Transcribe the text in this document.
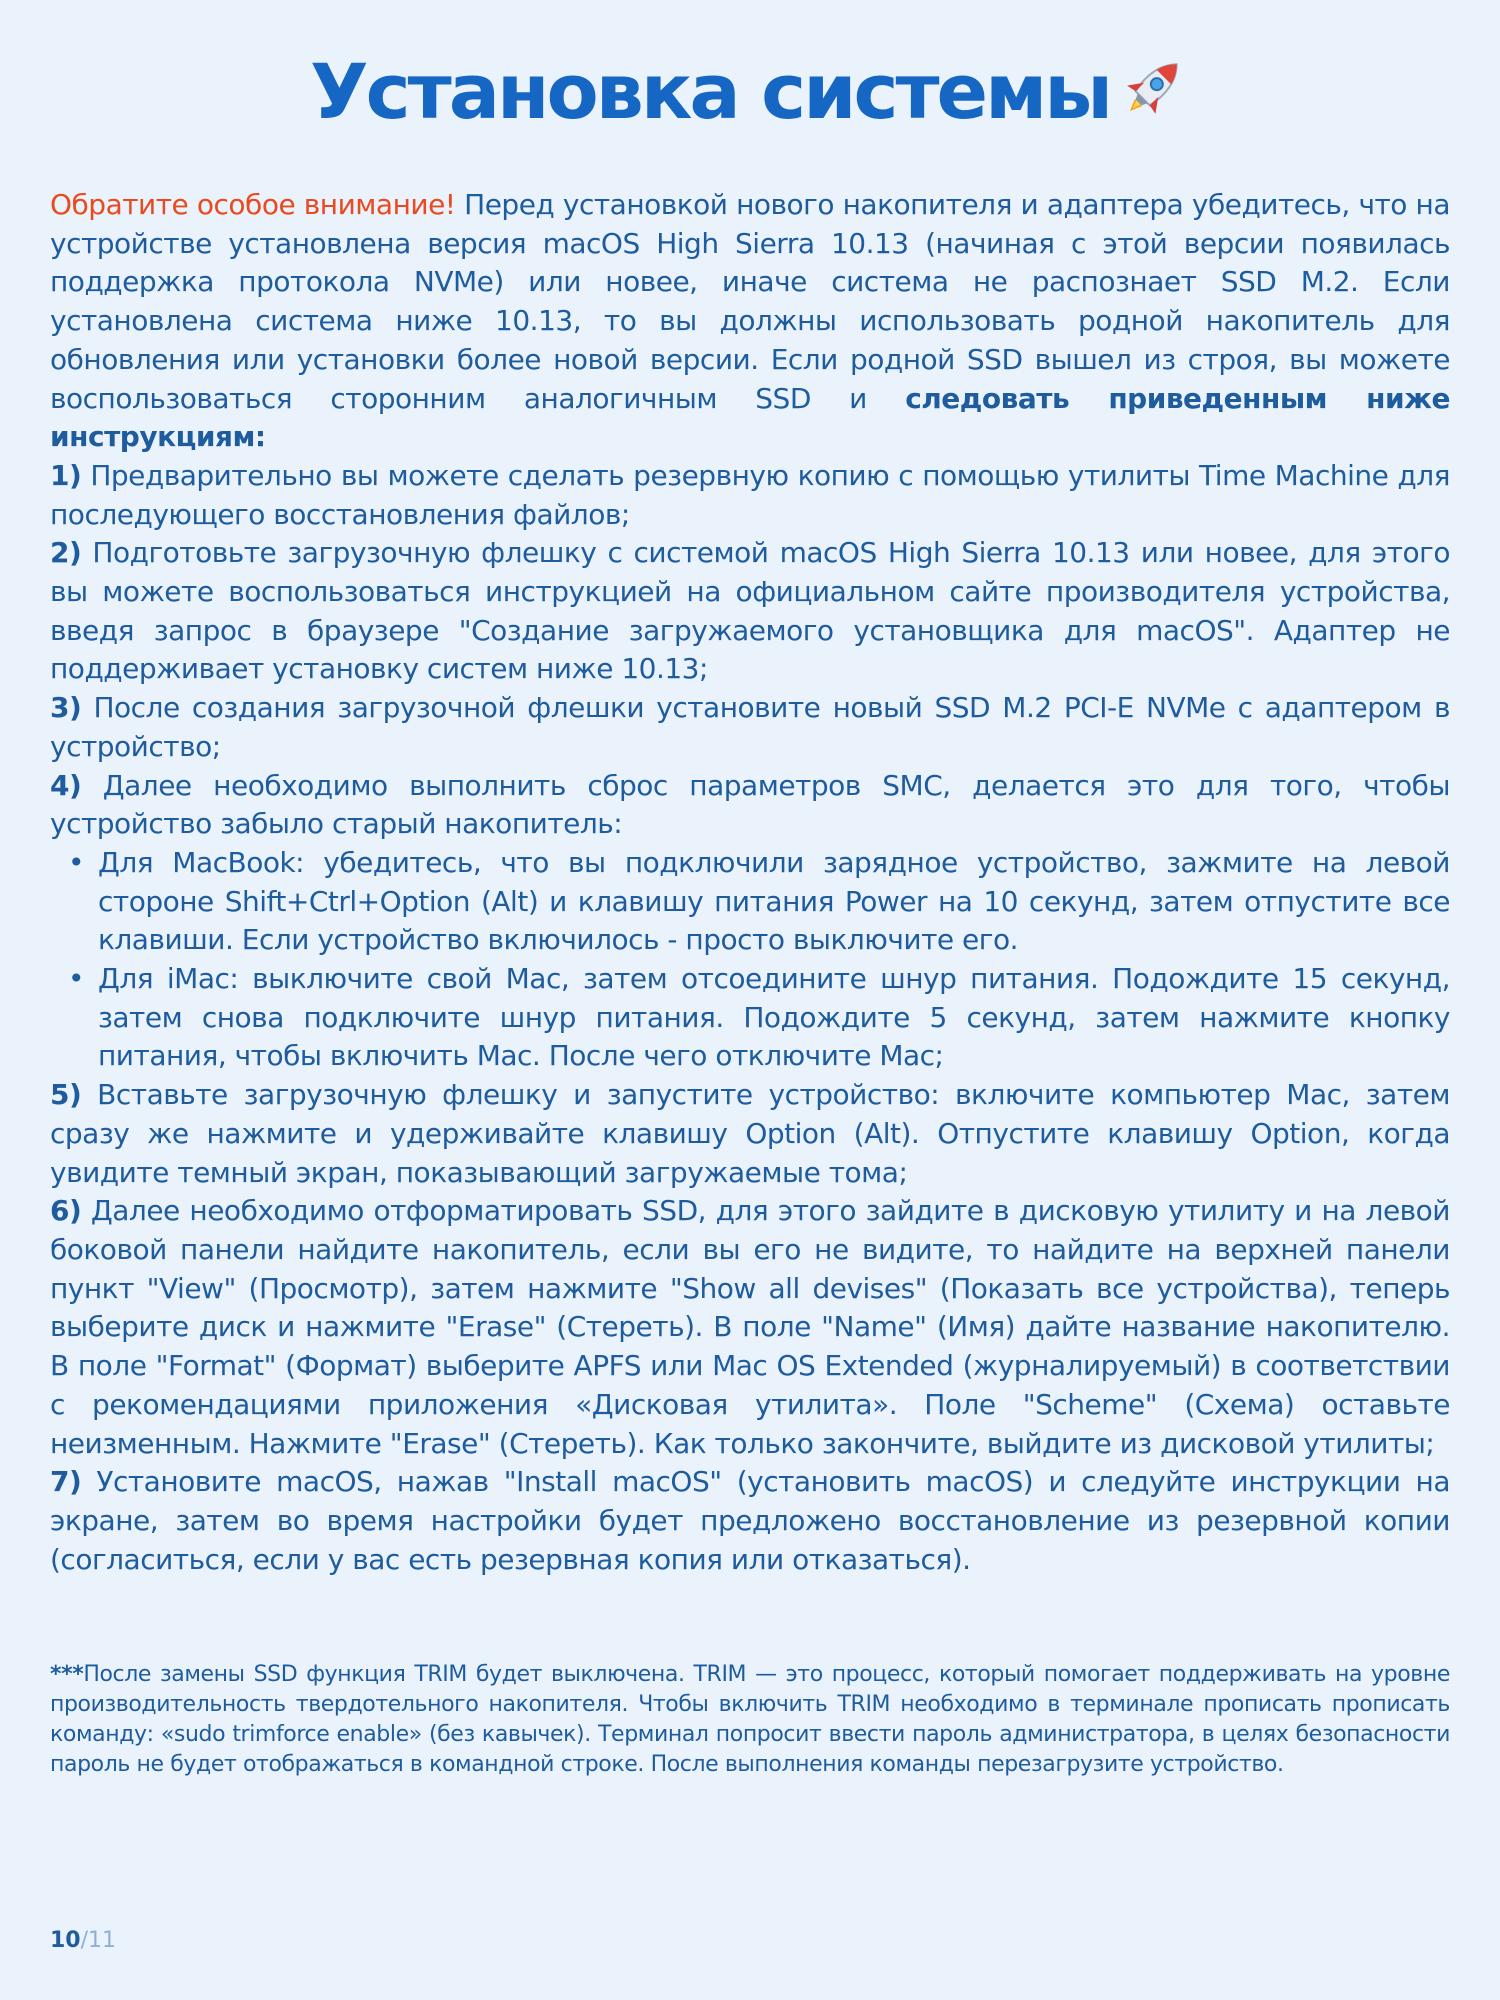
Установка системы

Обратите особое внимание! Перед установкой нового накопителя и адаптера убедитесь, что на устройстве установлена версия macOS High Sierra 10.13 (начиная с этой версии появилась поддержка протокола NVMe) или новее, иначе система не распознает SSD M.2. Если установлена система ниже 10.13, то вы должны использовать родной накопитель для обновления или установки более новой версии. Если родной SSD вышел из строя, вы можете воспользоваться сторонним аналогичным SSD и следовать приведенным ниже инструкциям:

1) Предварительно вы можете сделать резервную копию с помощью утилиты Time Machine для последующего восстановления файлов;

2) Подготовьте загрузочную флешку с системой macOS High Sierra 10.13 или новее, для этого вы можете воспользоваться инструкцией на официальном сайте производителя устройства, введя запрос в браузере "Создание загружаемого установщика для macOS". Адаптер не поддерживает установку систем ниже 10.13;

3) После создания загрузочной флешки установите новый SSD M.2 PCI-E NVMe с адаптером в устройство;

4) Далее необходимо выполнить сброс параметров SMC, делается это для того, чтобы устройство забыло старый накопитель:

• Для MacBook: убедитесь, что вы подключили зарядное устройство, зажмите на левой стороне Shift+Ctrl+Option (Alt) и клавишу питания Power на 10 секунд, затем отпустите все клавиши. Если устройство включилось - просто выключите его.
• Для iMac: выключите свой Mac, затем отсоедините шнур питания. Подождите 15 секунд, затем снова подключите шнур питания. Подождите 5 секунд, затем нажмите кнопку питания, чтобы включить Mac. После чего отключите Mac;

5) Вставьте загрузочную флешку и запустите устройство: включите компьютер Mac, затем сразу же нажмите и удерживайте клавишу Option (Alt). Отпустите клавишу Option, когда увидите темный экран, показывающий загружаемые тома;

6) Далее необходимо отформатировать SSD, для этого зайдите в дисковую утилиту и на левой боковой панели найдите накопитель, если вы его не видите, то найдите на верхней панели пункт "View" (Просмотр), затем нажмите "Show all devises" (Показать все устройства), теперь выберите диск и нажмите "Erase" (Стереть). В поле "Name" (Имя) дайте название накопителю. В поле "Format" (Формат) выберите APFS или Mac OS Extended (журналируемый) в соответствии с рекомендациями приложения «Дисковая утилита». Поле "Scheme" (Схема) оставьте неизменным. Нажмите "Erase" (Стереть). Как только закончите, выйдите из дисковой утилиты;

7) Установите macOS, нажав "Install macOS" (установить macOS) и следуйте инструкции на экране, затем во время настройки будет предложено восстановление из резервной копии (согласиться, если у вас есть резервная копия или отказаться).

***После замены SSD функция TRIM будет выключена. TRIM — это процесс, который помогает поддерживать на уровне производительность твердотельного накопителя. Чтобы включить TRIM необходимо в терминале прописать прописать команду: «sudo trimforce enable» (без кавычек). Терминал попросит ввести пароль администратора, в целях безопасности пароль не будет отображаться в командной строке. После выполнения команды перезагрузите устройство.
10/11
